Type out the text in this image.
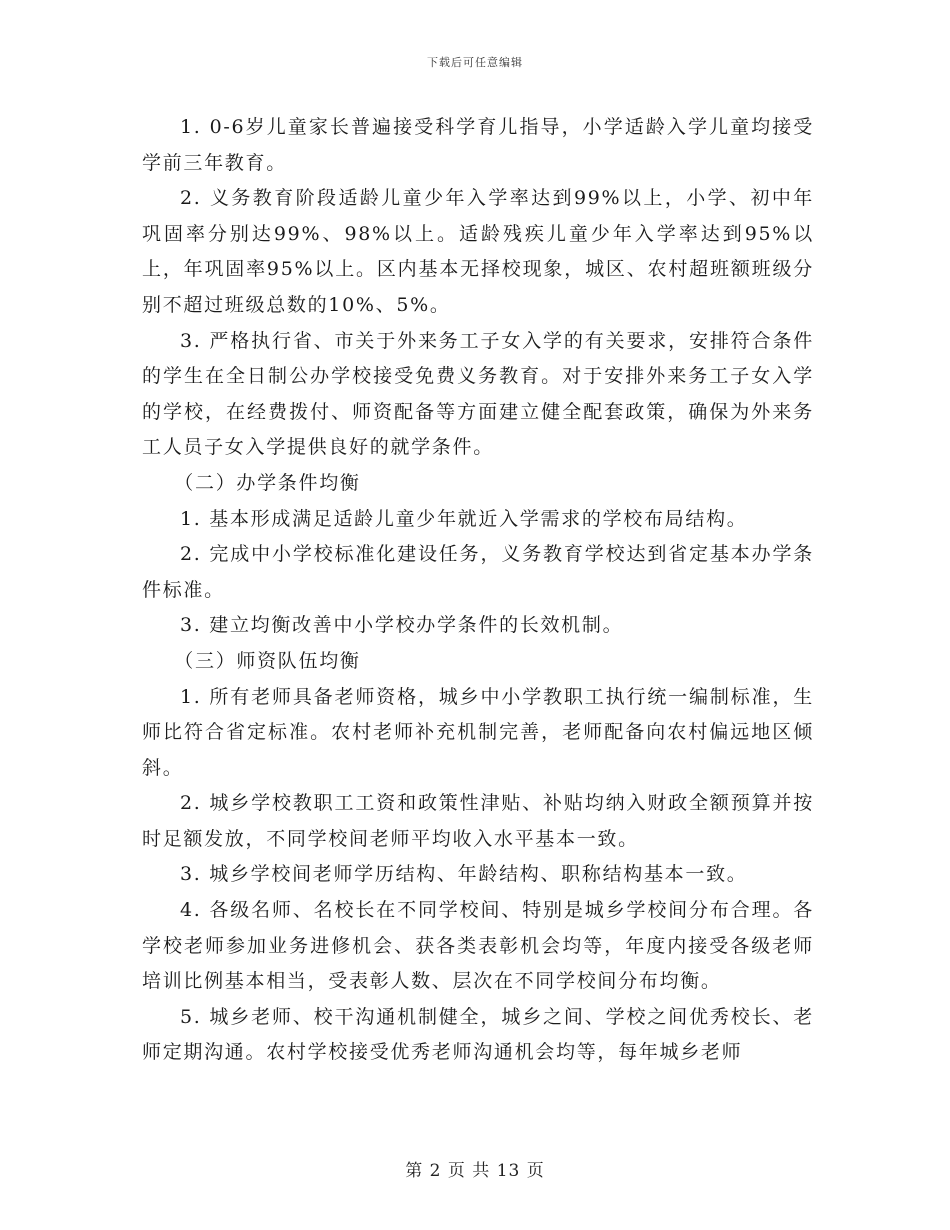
下载后可任意编辑

1. 0-6岁儿童家长普遍接受科学育儿指导，小学适龄入学儿童均接受学前三年教育。

2. 义务教育阶段适龄儿童少年入学率达到99%以上，小学、初中年巩固率分别达99%、98%以上。适龄残疾儿童少年入学率达到95%以上，年巩固率95%以上。区内基本无择校现象，城区、农村超班额班级分别不超过班级总数的10%、5%。

3. 严格执行省、市关于外来务工子女入学的有关要求，安排符合条件的学生在全日制公办学校接受免费义务教育。对于安排外来务工子女入学的学校，在经费拨付、师资配备等方面建立健全配套政策，确保为外来务工人员子女入学提供良好的就学条件。

（二）办学条件均衡

1. 基本形成满足适龄儿童少年就近入学需求的学校布局结构。

2. 完成中小学校标准化建设任务，义务教育学校达到省定基本办学条件标准。

3. 建立均衡改善中小学校办学条件的长效机制。

（三）师资队伍均衡

1. 所有老师具备老师资格，城乡中小学教职工执行统一编制标准，生师比符合省定标准。农村老师补充机制完善，老师配备向农村偏远地区倾斜。

2. 城乡学校教职工工资和政策性津贴、补贴均纳入财政全额预算并按时足额发放，不同学校间老师平均收入水平基本一致。

3. 城乡学校间老师学历结构、年龄结构、职称结构基本一致。

4. 各级名师、名校长在不同学校间、特别是城乡学校间分布合理。各学校老师参加业务进修机会、获各类表彰机会均等，年度内接受各级老师培训比例基本相当，受表彰人数、层次在不同学校间分布均衡。

5. 城乡老师、校干沟通机制健全，城乡之间、学校之间优秀校长、老师定期沟通。农村学校接受优秀老师沟通机会均等，每年城乡老师

第 2 页 共 13 页
